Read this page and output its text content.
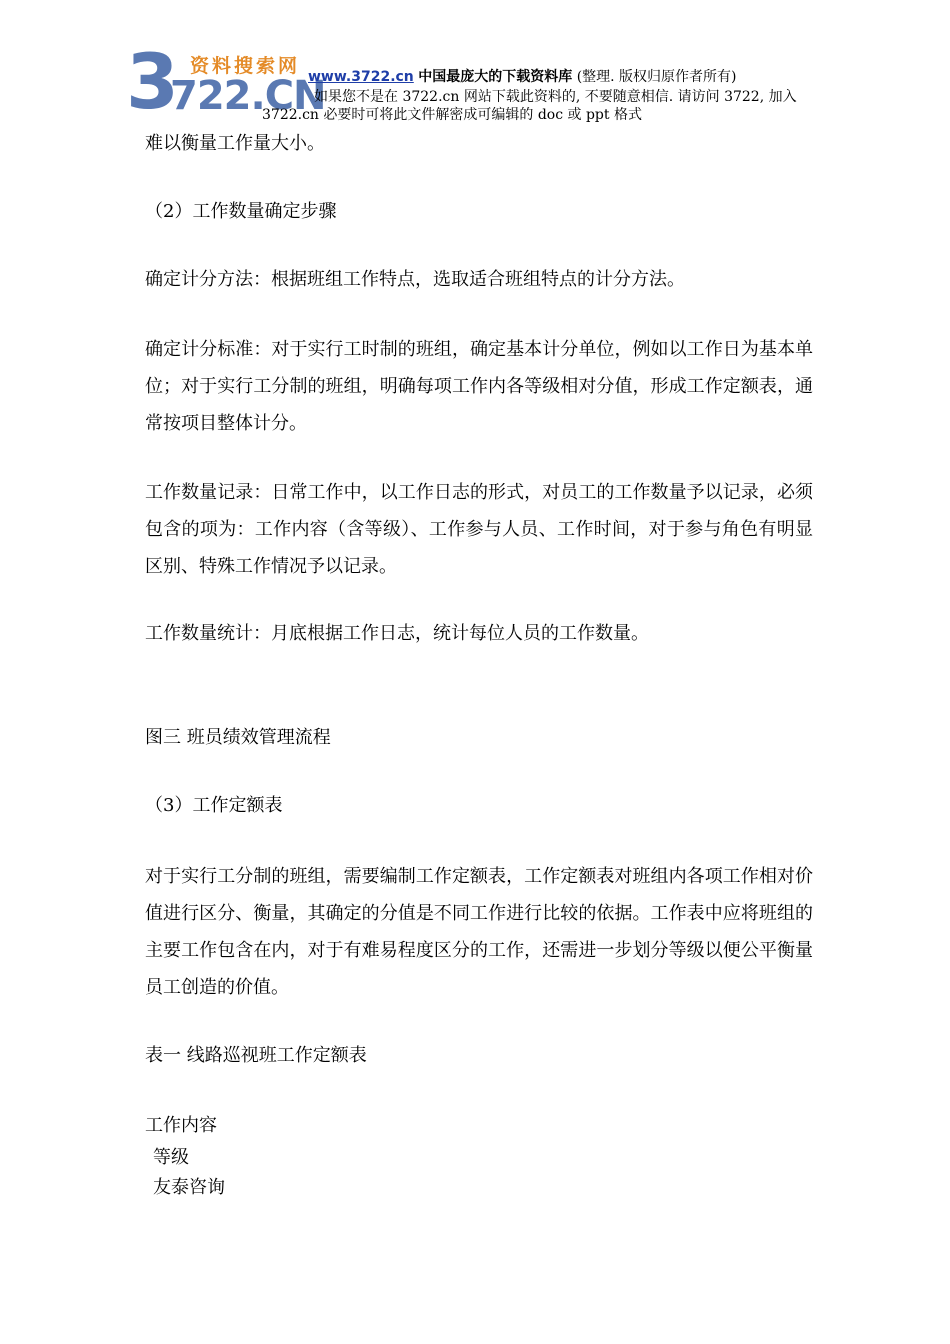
3
722.CN
资料搜索网 www.3722.cn 中国最庞大的下载资料库 (整理. 版权归原作者所有)
如果您不是在 3722.cn 网站下载此资料的, 不要随意相信. 请访问 3722, 加入
3722.cn 必要时可将此文件解密成可编辑的 doc 或 ppt 格式

难以衡量工作量大小。

（2）工作数量确定步骤

确定计分方法：根据班组工作特点，选取适合班组特点的计分方法。

确定计分标准：对于实行工时制的班组，确定基本计分单位，例如以工作日为基本单位；对于实行工分制的班组，明确每项工作内各等级相对分值，形成工作定额表，通常按项目整体计分。

工作数量记录：日常工作中，以工作日志的形式，对员工的工作数量予以记录，必须包含的项为：工作内容（含等级）、工作参与人员、工作时间，对于参与角色有明显区别、特殊工作情况予以记录。

工作数量统计：月底根据工作日志，统计每位人员的工作数量。

图三 班员绩效管理流程

（3）工作定额表

对于实行工分制的班组，需要编制工作定额表，工作定额表对班组内各项工作相对价值进行区分、衡量，其确定的分值是不同工作进行比较的依据。工作表中应将班组的主要工作包含在内，对于有难易程度区分的工作，还需进一步划分等级以便公平衡量员工创造的价值。

表一 线路巡视班工作定额表

工作内容

等级

友泰咨询
